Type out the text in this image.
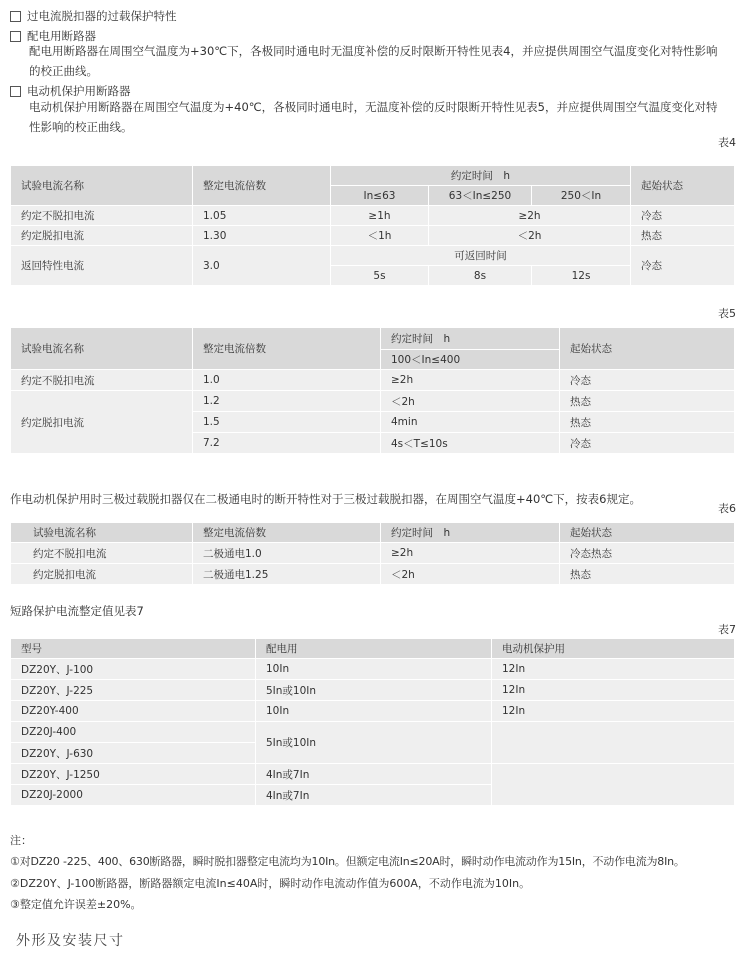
过电流脱扣器的过载保护特性
配电用断路器
配电用断路器在周围空气温度为+30℃下，各极同时通电时无温度补偿的反时限断开特性见表4，并应提供周围空气温度变化对特性影响
的校正曲线。
电动机保护用断路器
电动机保护用断路器在周围空气温度为+40℃，各极同时通电时，无温度补偿的反时限断开特性见表5，并应提供周围空气温度变化对特
性影响的校正曲线。
表4
试验电流名称	整定电流倍数	约定时间　h			起始状态
		In≤63	63＜In≤250	250＜In	
约定不脱扣电流	1.05	≥1h	≥2h		冷态
约定脱扣电流	1.30	＜1h	＜2h		热态
返回特性电流	3.0	可返回时间			冷态
		5s	8s	12s	
表5
试验电流名称	整定电流倍数	约定时间　h	起始状态
		100＜In≤400	
约定不脱扣电流	1.0	≥2h	冷态
约定脱扣电流	1.2	＜2h	热态
	1.5	4min	热态
	7.2	4s＜T≤10s	冷态
作电动机保护用时三极过载脱扣器仅在二极通电时的断开特性对于三极过载脱扣器，在周围空气温度+40℃下，按表6规定。
表6
试验电流名称	整定电流倍数	约定时间　h	起始状态
约定不脱扣电流	二极通电1.0	≥2h	冷态热态
约定脱扣电流	二极通电1.25	＜2h	热态
短路保护电流整定值见表7
表7
型号	配电用	电动机保护用
DZ20Y、J-100	10In	12In
DZ20Y、J-225	5In或10In	12In
DZ20Y-400	10In	12In
DZ20J-400	5In或10In	
DZ20Y、J-630		
DZ20Y、J-1250	4In或7In	
DZ20J-2000	4In或7In	
注：
①对DZ20 -225、400、630断路器，瞬时脱扣器整定电流均为10In。但额定电流In≤20A时，瞬时动作电流动作为15In，不动作电流为8In。
②DZ20Y、J-100断路器，断路器额定电流In≤40A时，瞬时动作电流动作值为600A，不动作电流为10In。
③整定值允许误差±20%。
外形及安装尺寸
